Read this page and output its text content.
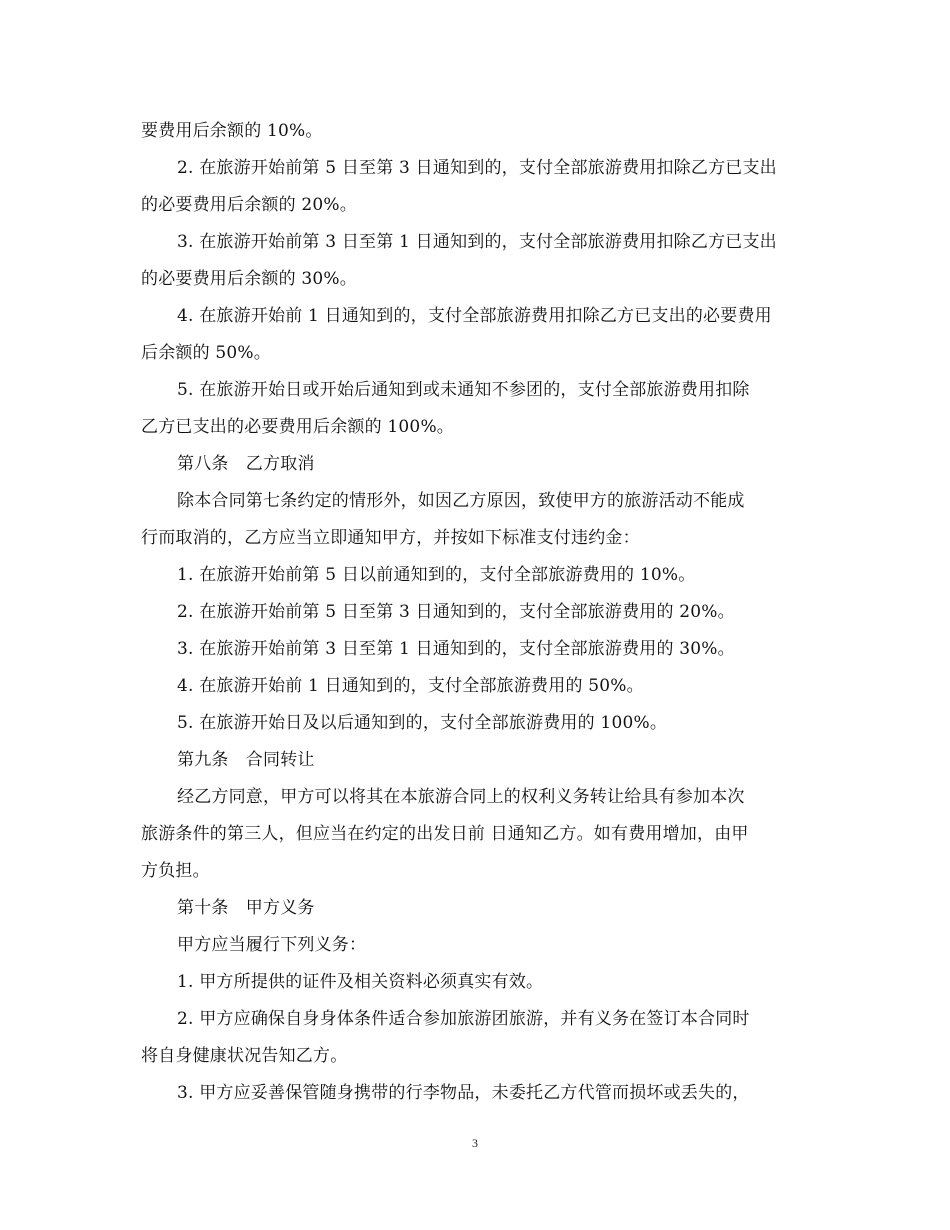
要费用后余额的 10%。

2. 在旅游开始前第 5 日至第 3 日通知到的，支付全部旅游费用扣除乙方已支出

的必要费用后余额的 20%。

3. 在旅游开始前第 3 日至第 1 日通知到的，支付全部旅游费用扣除乙方已支出

的必要费用后余额的 30%。

4. 在旅游开始前 1 日通知到的，支付全部旅游费用扣除乙方已支出的必要费用

后余额的 50%。

5. 在旅游开始日或开始后通知到或未通知不参团的，支付全部旅游费用扣除

乙方已支出的必要费用后余额的 100%。

第八条　乙方取消

除本合同第七条约定的情形外，如因乙方原因，致使甲方的旅游活动不能成

行而取消的，乙方应当立即通知甲方，并按如下标准支付违约金：

1. 在旅游开始前第 5 日以前通知到的，支付全部旅游费用的 10%。

2. 在旅游开始前第 5 日至第 3 日通知到的，支付全部旅游费用的 20%。

3. 在旅游开始前第 3 日至第 1 日通知到的，支付全部旅游费用的 30%。

4. 在旅游开始前 1 日通知到的，支付全部旅游费用的 50%。

5. 在旅游开始日及以后通知到的，支付全部旅游费用的 100%。

第九条　合同转让

经乙方同意，甲方可以将其在本旅游合同上的权利义务转让给具有参加本次

旅游条件的第三人，但应当在约定的出发日前 日通知乙方。如有费用增加，由甲

方负担。

第十条　甲方义务

甲方应当履行下列义务：

1. 甲方所提供的证件及相关资料必须真实有效。

2. 甲方应确保自身身体条件适合参加旅游团旅游，并有义务在签订本合同时

将自身健康状况告知乙方。

3. 甲方应妥善保管随身携带的行李物品，未委托乙方代管而损坏或丢失的，

3
